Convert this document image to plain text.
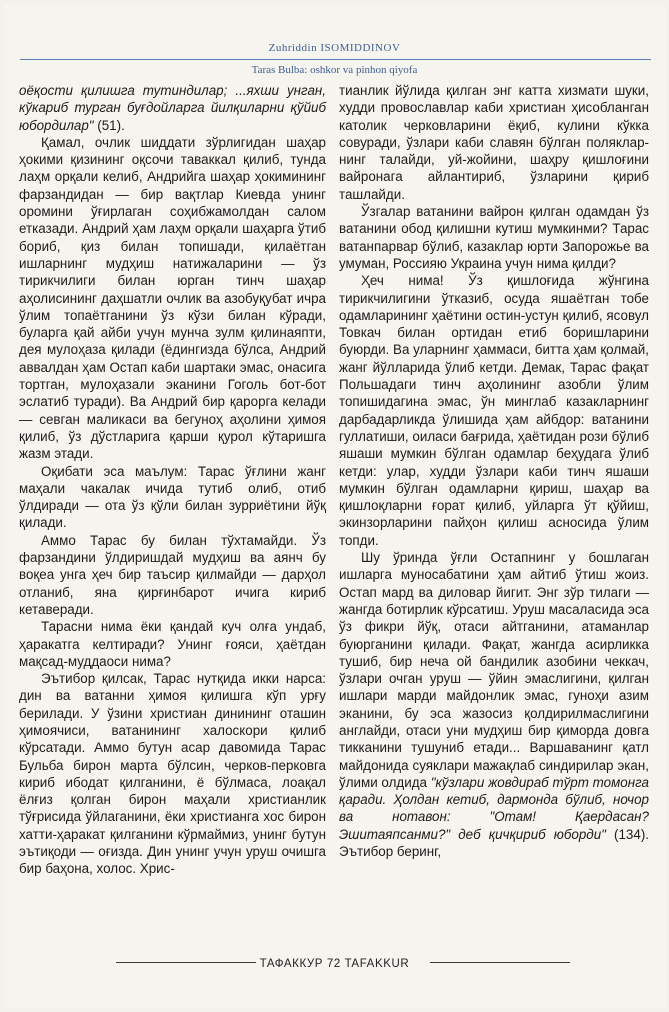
Zuhriddin ISOMIDDINOV
Taras Bulba: oshkor va pinhon qiyofa

оёқости қилишга тутиндилар; ...яхши унган, кўкариб турган буғдойларга йилқиларни қўйиб юбордилар" (51).

Қамал, очлик шиддати зўрлигидан шаҳар ҳокими қизининг оқсочи таваккал қилиб, тунда лаҳм орқали келиб, Андрийга шаҳар ҳокимининг фарзандидан — бир вақтлар Киевда унинг оромини ўғирлаган соҳибжамолдан салом етказади. Андрий ҳам лаҳм орқали шаҳарга ўтиб бориб, қиз билан топишади, қилаётган ишларнинг мудҳиш натижаларини — ўз тирикчилиги билан юрган тинч шаҳар аҳолисининг даҳшатли очлик ва азобуқубат ичра ўлим топаётганини ўз кўзи билан кўради, буларга қай айби учун мунча зулм қилинаяпти, дея мулоҳаза қилади (ёдингизда бўлса, Андрий аввалдан ҳам Остап каби шартаки эмас, онасига тортган, мулоҳазали эканини Гоголь бот-бот эслатиб туради). Ва Андрий бир қарорга келади — севган маликаси ва бегуноҳ аҳолини ҳимоя қилиб, ўз дўстларига қарши қурол кўтаришга жазм этади.

Оқибати эса маълум: Тарас ўғлини жанг маҳали чакалак ичида тутиб олиб, отиб ўлдиради — ота ўз қўли билан зурриётини йўқ қилади.

Аммо Тарас бу билан тўхтамайди. Ўз фарзандини ўлдиришдай мудҳиш ва аянч бу воқеа унга ҳеч бир таъсир қилмайди — дарҳол отланиб, яна қирғинбарот ичига кириб кетаверади.

Тарасни нима ёки қандай куч олға ундаб, ҳаракатга келтиради? Унинг ғояси, ҳаётдан мақсад-муддаоси нима?

Эътибор қилсак, Тарас нутқида икки нарса: дин ва ватанни ҳимоя қилишга кўп урғу берилади. У ўзини христиан динининг оташин ҳимоячиси, ватанининг халоскори қилиб кўрсатади. Аммо бутун асар давомида Тарас Бульба бирон марта бўлсин, черков-перковга кириб ибодат қилганини, ё бўлмаса, лоақал ёлғиз қолган бирон маҳали христианлик тўғрисида ўйлаганини, ёки христианга хос бирон хатти-ҳаракат қилганини кўрмаймиз, унинг бутун эътиқоди — оғизда. Дин унинг учун уруш очишга бир баҳона, холос. Хрис-

тианлик йўлида қилган энг катта хизмати шуки, худди провославлар каби христиан ҳисобланган католик черковларини ёқиб, кулини кўкка совуради, ўзлари каби славян бўлган поляклар-нинг талайди, уй-жойини, шаҳру қишлоғини вайронага айлантириб, ўзларини қириб ташлайди.

Ўзгалар ватанини вайрон қилган одамдан ўз ватанини обод қилишни кутиш мумкинми? Тарас ватанпарвар бўлиб, казаклар юрти Запорожье ва умуман, Россияю Украина учун нима қилди?

Ҳеч нима! Ўз қишлоғида жўнгина тирикчилигини ўтказиб, осуда яшаётган тобе одамларининг ҳаётини остин-устун қилиб, ясовул Товкач билан ортидан етиб боришларини буюрди. Ва уларнинг ҳаммаси, битта ҳам қолмай, жанг йўлларида ўлиб кетди. Демак, Тарас фақат Польшадаги тинч аҳолининг азобли ўлим топишидагина эмас, ўн минглаб казакларнинг дарбадарликда ўлишида ҳам айбдор: ватанини гуллатиши, оиласи бағрида, ҳаётидан рози бўлиб яшаши мумкин бўлган одамлар беҳудага ўлиб кетди: улар, худди ўзлари каби тинч яшаши мумкин бўлган одамларни қириш, шаҳар ва қишлоқларни ғорат қилиб, уйларга ўт қўйиш, экинзорларини пайҳон қилиш асносида ўлим топди.

Шу ўринда ўғли Остапнинг у бошлаган ишларга муносабатини ҳам айтиб ўтиш жоиз. Остап мард ва диловар йигит. Энг зўр тилаги — жангда ботирлик кўрсатиш. Уруш масаласида эса ўз фикри йўқ, отаси айтганини, атаманлар буюрганини қилади. Фақат, жангда асирликка тушиб, бир неча ой бандилик азобини чеккач, ўзлари очган уруш — ўйин эмаслигини, қилган ишлари марди майдонлик эмас, гуноҳи азим эканини, бу эса жазосиз қолдирилмаслигини англайди, отаси уни мудҳиш бир қиморда довга тикканини тушуниб етади... Варшаванинг қатл майдонида суяклари мажақлаб синдирилар экан, ўлими олдида "кўзлари жовдираб тўрт томонга қаради. Ҳолдан кетиб, дармонда бўлиб, ночор ва нотавон: "Отам! Қаердасан? Эшитаяпсанми?" деб қичқириб юборди" (134). Эътибор беринг,

ТАФАККУР 72 TAFAKKUR
